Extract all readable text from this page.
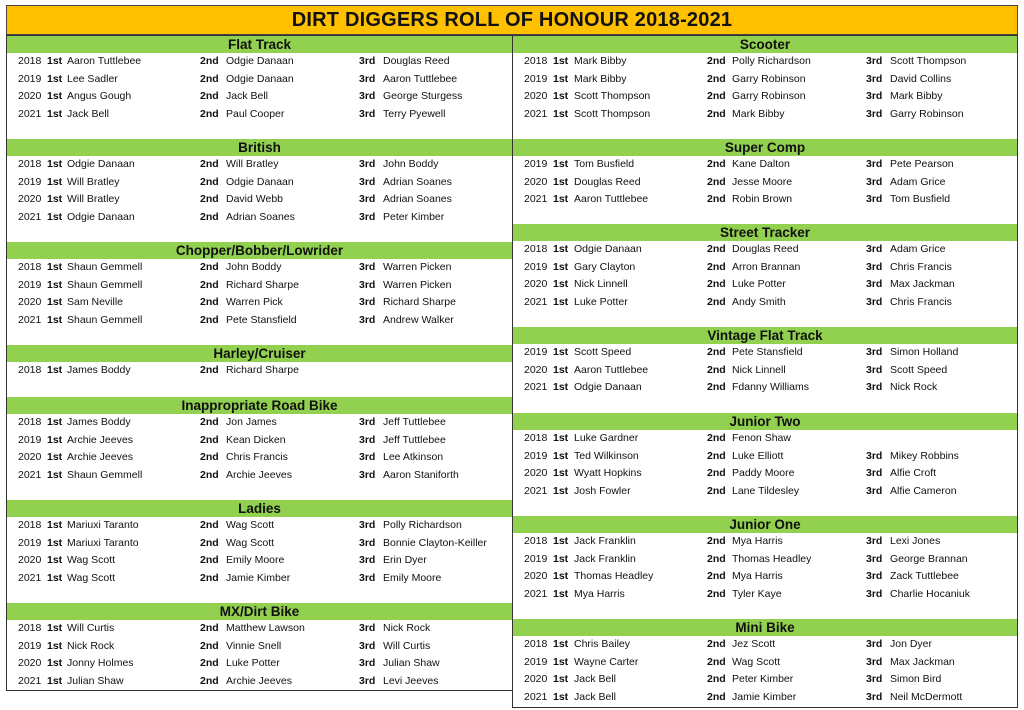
DIRT DIGGERS ROLL OF HONOUR 2018-2021
Flat Track
2018 1st Aaron Tuttlebee	2nd Odgie Danaan	3rd Douglas Reed
2019 1st Lee Sadler	2nd Odgie Danaan	3rd Aaron Tuttlebee
2020 1st Angus Gough	2nd Jack Bell	3rd George Sturgess
2021 1st Jack Bell	2nd Paul Cooper	3rd Terry Pyewell
British
2018 1st Odgie Danaan	2nd Will Bratley	3rd John Boddy
2019 1st Will Bratley	2nd Odgie Danaan	3rd Adrian Soanes
2020 1st Will Bratley	2nd David Webb	3rd Adrian Soanes
2021 1st Odgie Danaan	2nd Adrian Soanes	3rd Peter Kimber
Chopper/Bobber/Lowrider
2018 1st Shaun Gemmell	2nd John Boddy	3rd Warren Picken
2019 1st Shaun Gemmell	2nd Richard Sharpe	3rd Warren Picken
2020 1st Sam Neville	2nd Warren Pick	3rd Richard Sharpe
2021 1st Shaun Gemmell	2nd Pete Stansfield	3rd Andrew Walker
Harley/Cruiser
2018 1st James Boddy	2nd Richard Sharpe
Inappropriate Road Bike
2018 1st James Boddy	2nd Jon James	3rd Jeff Tuttlebee
2019 1st Archie Jeeves	2nd Kean Dicken	3rd Jeff Tuttlebee
2020 1st Archie Jeeves	2nd Chris Francis	3rd Lee Atkinson
2021 1st Shaun Gemmell	2nd Archie Jeeves	3rd Aaron Staniforth
Ladies
2018 1st Mariuxi Taranto	2nd Wag Scott	3rd Polly Richardson
2019 1st Mariuxi Taranto	2nd Wag Scott	3rd Bonnie Clayton-Keiller
2020 1st Wag Scott	2nd Emily Moore	3rd Erin Dyer
2021 1st Wag Scott	2nd Jamie Kimber	3rd Emily Moore
MX/Dirt Bike
2018 1st Will Curtis	2nd Matthew Lawson	3rd Nick Rock
2019 1st Nick Rock	2nd Vinnie Snell	3rd Will Curtis
2020 1st Jonny Holmes	2nd Luke Potter	3rd Julian Shaw
2021 1st Julian Shaw	2nd Archie Jeeves	3rd Levi Jeeves
Scooter
2018 1st Mark Bibby	2nd Polly Richardson	3rd Scott Thompson
2019 1st Mark Bibby	2nd Garry Robinson	3rd David Collins
2020 1st Scott Thompson	2nd Garry Robinson	3rd Mark Bibby
2021 1st Scott Thompson	2nd Mark Bibby	3rd Garry Robinson
Super Comp
2019 1st Tom Busfield	2nd Kane Dalton	3rd Pete Pearson
2020 1st Douglas Reed	2nd Jesse Moore	3rd Adam Grice
2021 1st Aaron Tuttlebee	2nd Robin Brown	3rd Tom Busfield
Street Tracker
2018 1st Odgie Danaan	2nd Douglas Reed	3rd Adam Grice
2019 1st Gary Clayton	2nd Arron Brannan	3rd Chris Francis
2020 1st Nick Linnell	2nd Luke Potter	3rd Max Jackman
2021 1st Luke Potter	2nd Andy Smith	3rd Chris Francis
Vintage Flat Track
2019 1st Scott Speed	2nd Pete Stansfield	3rd Simon Holland
2020 1st Aaron Tuttlebee	2nd Nick Linnell	3rd Scott Speed
2021 1st Odgie Danaan	2nd Fdanny Williams	3rd Nick Rock
Junior Two
2018 1st Luke Gardner	2nd Fenon Shaw
2019 1st Ted Wilkinson	2nd Luke Elliott	3rd Mikey Robbins
2020 1st Wyatt Hopkins	2nd Paddy Moore	3rd Alfie Croft
2021 1st Josh Fowler	2nd Lane Tildesley	3rd Alfie Cameron
Junior One
2018 1st Jack Franklin	2nd Mya Harris	3rd Lexi Jones
2019 1st Jack Franklin	2nd Thomas Headley	3rd George Brannan
2020 1st Thomas Headley	2nd Mya Harris	3rd Zack Tuttlebee
2021 1st Mya Harris	2nd Tyler Kaye	3rd Charlie Hocaniuk
Mini Bike
2018 1st Chris Bailey	2nd Jez Scott	3rd Jon Dyer
2019 1st Wayne Carter	2nd Wag Scott	3rd Max Jackman
2020 1st Jack Bell	2nd Peter Kimber	3rd Simon Bird
2021 1st Jack Bell	2nd Jamie Kimber	3rd Neil McDermott
